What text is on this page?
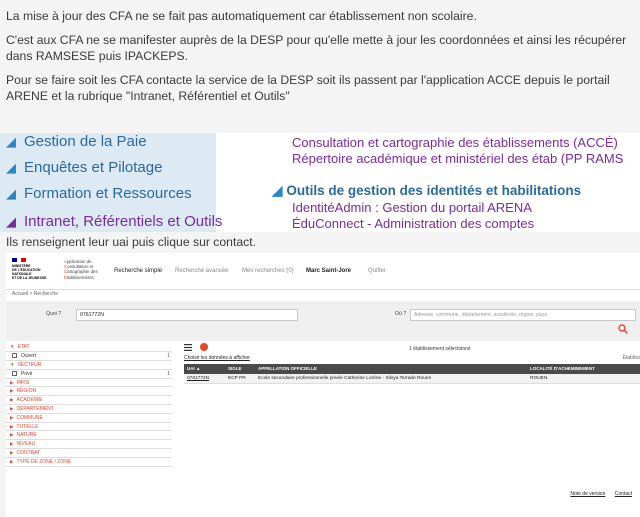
La mise à jour des CFA ne se fait pas automatiquement car établissement non scolaire.
C'est aux CFA ne se manifester auprès de la DESP pour qu'elle mette à jour les coordonnées et ainsi les récupérer dans RAMSESE puis IPACKEPS.
Pour se faire soit les CFA contacte la service de la DESP soit ils passent par l'application ACCE depuis le portail ARENE et la rubrique "Intranet, Référentiel et Outils"
◢ Gestion de la Paie
◢ Enquêtes et Pilotage
◢ Formation et Ressources
◢ Intranet, Référentiels et Outils
Consultation et cartographie des établissements (ACCÉ)
Répertoire académique et ministériel des étab (PP RAMS
◢ Outils de gestion des identités et habilitations
IdentitéAdmin : Gestion du portail ARENA
ÉduConnect - Administration des comptes
Ils renseignent leur uai puis clique sur contact.
MINISTÈRE
DE L'ÉDUCATION
NATIONALE
ET DE LA JEUNESSE
Application de
Consultation et
Cartographie des
Établissements
Recherche simple Recherche avancée Mes recherches (0) Marc Saint-Jore	Quitter
Accueil > Recherche
Quoi ?	0761772N	Où ?	Adresse, commune, département, académie, région, pays
▼ ETAT
Ouvert	1
▼ SECTEUR
Privé	1
▶ PAYS
▶ RÉGION
▶ ACADÉMIE
▶ DÉPARTEMENT
▶ COMMUNE
▶ TUTELLE
▶ NATURE
▶ NIVEAU
▶ CONTRAT
▶ TYPE DE ZONE / ZONE
1 établissement sélectionné
Choisir les données à afficher	Établiss
UAI ▲	SIGLE	APPELLATION OFFICIELLE	LOCALITÉ D'ACHEMINEMENT
0761772N	ECP PR	Ecole secondaire professionnelle privée Catherine Lorène - Silvya Terrade Rouen	ROUEN
Note de version Contact
